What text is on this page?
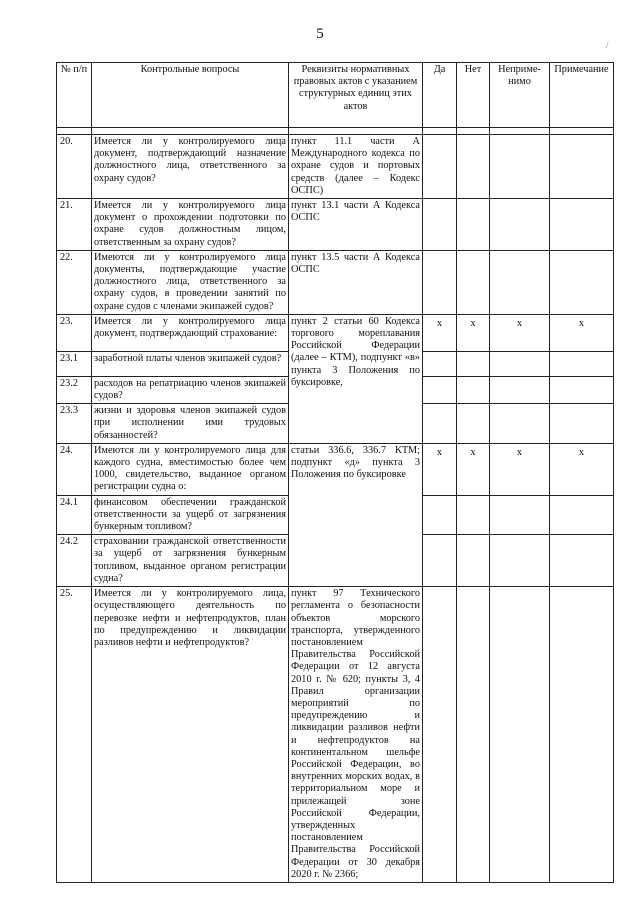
5
/
№ п/п	Контрольные вопросы	Реквизиты нормативных правовых актов с указанием структурных единиц этих актов	Да	Нет	Неприме-нимо	Примечание

20.	Имеется ли у контролируемого лица документ, подтверждающий назначение должностного лица, ответственного за охрану судов?	пункт 11.1 части А Международного кодекса по охране судов и портовых средств (далее – Кодекс ОСПС)				
21.	Имеется ли у контролируемого лица документ о прохождении подготовки по охране судов должностным лицом, ответственным за охрану судов?	пункт 13.1 части А Кодекса ОСПС				
22.	Имеются ли у контролируемого лица документы, подтверждающие участие должностного лица, ответственного за охрану судов, в проведении занятий по охране судов с членами экипажей судов?	пункт 13.5 части А Кодекса ОСПС				
23.	Имеется ли у контролируемого лица документ, подтверждающий страхование:	пункт 2 статьи 60 Кодекса торгового мореплавания Российской Федерации (далее – КТМ), подпункт «в» пункта 3 Положения по буксировке,	x	x	x	x
23.1	заработной платы членов экипажей судов?					
23.2	расходов на репатриацию членов экипажей судов?					
23.3	жизни и здоровья членов экипажей судов при исполнении ими трудовых обязанностей?					
24.	Имеются ли у контролируемого лица для каждого судна, вместимостью более чем 1000, свидетельство, выданное органом регистрации судна о:	статьи 336.6, 336.7 КТМ; подпункт «д» пункта 3 Положения по буксировке	x	x	x	x
24.1	финансовом обеспечении гражданской ответственности за ущерб от загрязнения бункерным топливом?					
24.2	страховании гражданской ответственности за ущерб от загрязнения бункерным топливом, выданное органом регистрации судна?					
25.	Имеется ли у контролируемого лица, осуществляющего деятельность по перевозке нефти и нефтепродуктов, план по предупреждению и ликвидации разливов нефти и нефтепродуктов?	пункт 97 Технического регламента о безопасности объектов морского транспорта, утвержденного постановлением Правительства Российской Федерации от 12 августа 2010 г. № 620; пункты 3, 4 Правил организации мероприятий по предупреждению и ликвидации разливов нефти и нефтепродуктов на континентальном шельфе Российской Федерации, во внутренних морских водах, в территориальном море и прилежащей зоне Российской Федерации, утвержденных постановлением Правительства Российской Федерации от 30 декабря 2020 г. № 2366;				
